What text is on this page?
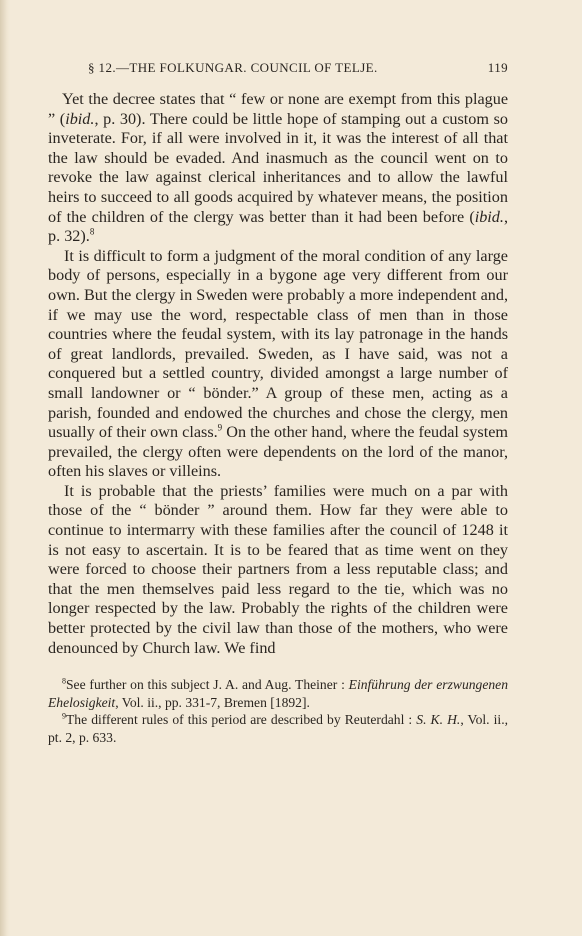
§ 12.—THE FOLKUNGAR. COUNCIL OF TELJE.	119

Yet the decree states that “ few or none are exempt from this plague ” (ibid., p. 30). There could be little hope of stamping out a custom so inveterate. For, if all were involved in it, it was the interest of all that the law should be evaded. And inasmuch as the council went on to revoke the law against clerical inheritances and to allow the lawful heirs to succeed to all goods acquired by whatever means, the position of the children of the clergy was better than it had been before (ibid., p. 32).$^8$

It is difficult to form a judgment of the moral condition of any large body of persons, especially in a bygone age very different from our own. But the clergy in Sweden were probably a more independent and, if we may use the word, respectable class of men than in those countries where the feudal system, with its lay patronage in the hands of great landlords, prevailed. Sweden, as I have said, was not a conquered but a settled country, divided amongst a large number of small landowner or “ bönder.” A group of these men, acting as a parish, founded and endowed the churches and chose the clergy, men usually of their own class.$^9$ On the other hand, where the feudal system prevailed, the clergy often were dependents on the lord of the manor, often his slaves or villeins.

It is probable that the priests’ families were much on a par with those of the “ bönder ” around them. How far they were able to continue to intermarry with these families after the council of 1248 it is not easy to ascertain. It is to be feared that as time went on they were forced to choose their partners from a less reputable class; and that the men themselves paid less regard to the tie, which was no longer respected by the law. Probably the rights of the children were better protected by the civil law than those of the mothers, who were denounced by Church law. We find

$^8$See further on this subject J. A. and Aug. Theiner : Einführung der erzwungenen Ehelosigkeit, Vol. ii., pp. 331-7, Bremen [1892].

$^9$The different rules of this period are described by Reuterdahl : S. K. H., Vol. ii., pt. 2, p. 633.
